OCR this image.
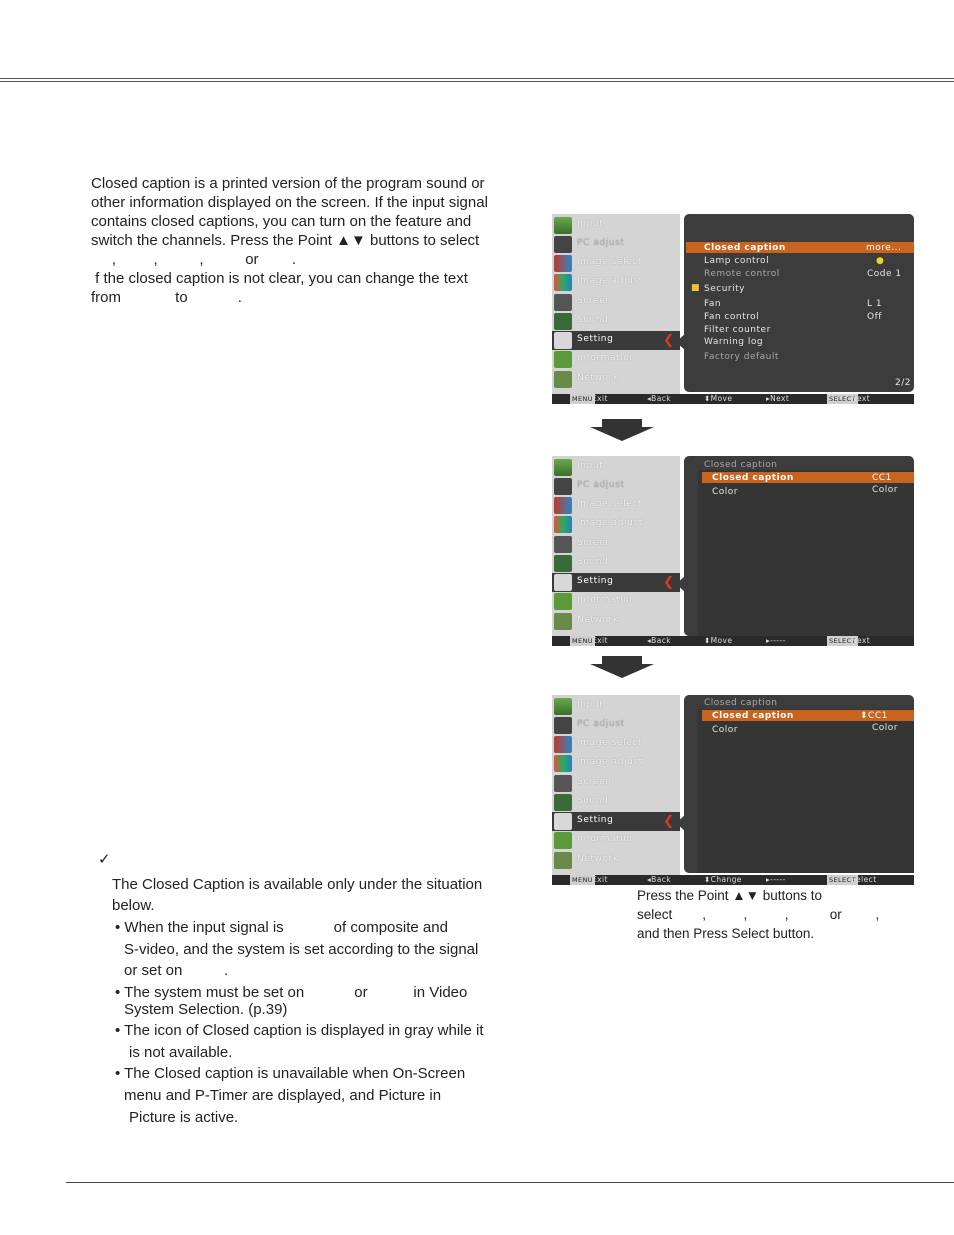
Closed caption is a printed version of the program sound or
other information displayed on the screen. If the input signal
contains closed captions, you can turn on the feature and
switch the channels. Press the Point ▲▼ buttons to select
,         ,          ,          or        .
f the closed caption is not clear, you can change the text
from             to            .
✓
The Closed Caption is available only under the situation
below.
• When the input signal is            of composite and
S-video, and the system is set according to the signal
or set on          .
• The system must be set on            or           in Video
System Selection. (p.39)
• The icon of Closed caption is displayed in gray while it
is not available.
• The Closed caption is unavailable when On-Screen
menu and P-Timer are displayed, and Picture in
Picture is active.
Input
PC adjust
Image select
Image adjust
Screen
Sound
Setting	❮
Information
Network
Closed caption	more...
Lamp control	●
Remote control	Code 1
■ Security
Fan	L 1
Fan control	Off
Filter counter
Warning log
Factory default
2/2
MENU Exit	◂Back	⬍Move	▸Next	SELECT
Next
Input
PC adjust
Image select
Image adjust
Screen
Sound
Setting	❮
Information
Network
Closed caption
Closed caption	CC1
Color	Color
MENU Exit	◂Back	⬍Move	▸-----	SELECT
Next
Input
PC adjust
Image select
Image adjust
Screen
Sound
Setting	❮
Information
Network
Closed caption
Closed caption	⬍CC1
Color	Color
MENU Exit	◂Back	⬍Change	▸-----	SELECT
Select
Press the Point ▲▼ buttons to
select        ,          ,          ,           or         ,
and then Press Select button.
